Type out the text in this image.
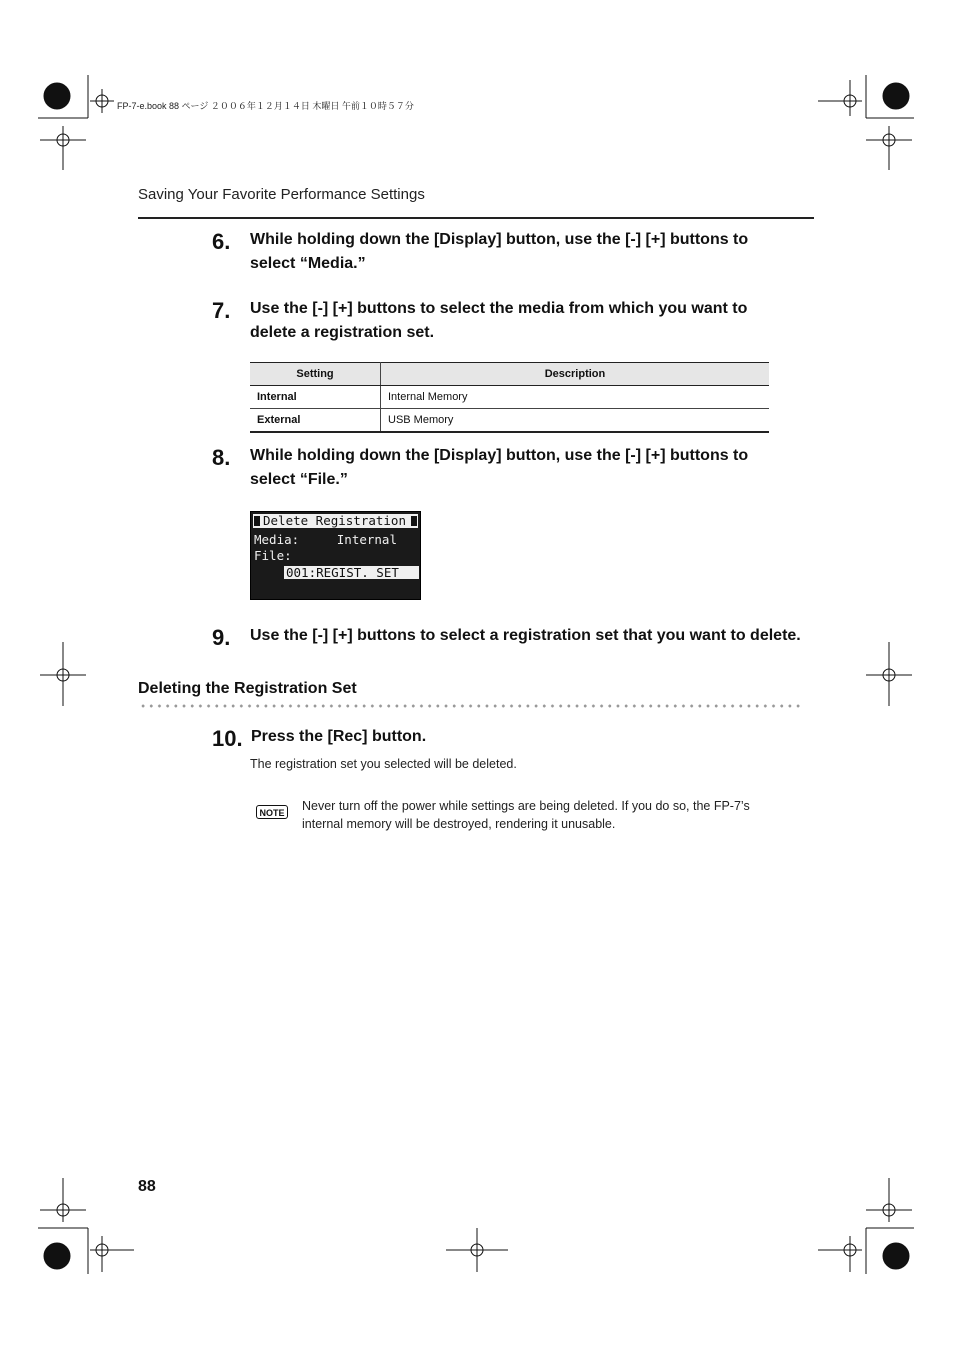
FP-7-e.book 88 ページ ２００６年１２月１４日 木曜日 午前１０時５７分
Saving Your Favorite Performance Settings
6. While holding down the [Display] button, use the [-] [+] buttons to select “Media.”
7. Use the [-] [+] buttons to select the media from which you want to delete a registration set.
Setting	Description
Internal	Internal Memory
External	USB Memory
8. While holding down the [Display] button, use the [-] [+] buttons to select “File.”
Delete Registration
Media:     Internal
File:
001:REGIST. SET
9. Use the [-] [+] buttons to select a registration set that you want to delete.
Deleting the Registration Set
10. Press the [Rec] button.
The registration set you selected will be deleted.
NOTE Never turn off the power while settings are being deleted. If you do so, the FP-7’s
internal memory will be destroyed, rendering it unusable.
88
